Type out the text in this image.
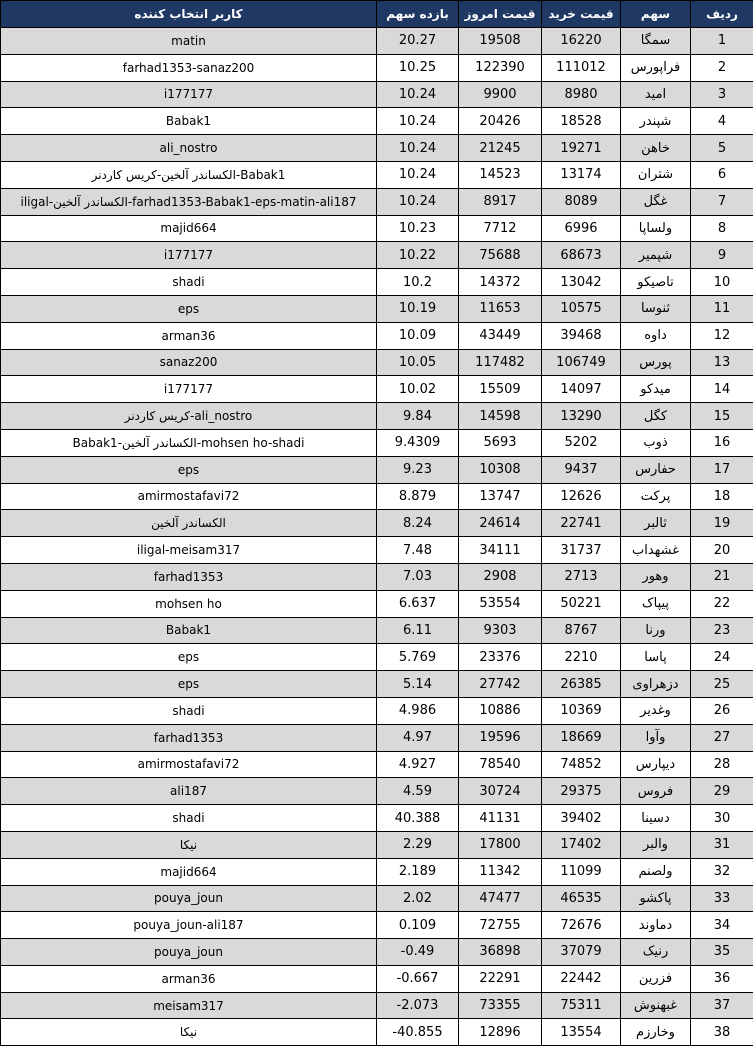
کاربر انتخاب کننده	بازده سهم	قیمت امروز	قیمت خرید	سهم	ردیف
matin	20.27	19508	16220	سمگا	1
farhad1353-sanaz200	10.25	122390	111012	فراپورس	2
i177177	10.24	9900	8980	امید	3
Babak1	10.24	20426	18528	شپندر	4
ali_nostro	10.24	21245	19271	خاهن	5
الکساندر آلخین-کریس کاردنر-Babak1	10.24	14523	13174	شتران	6
iligal-الکساندر آلخین-farhad1353-Babak1-eps-matin-ali187	10.24	8917	8089	غگل	7
majid664	10.23	7712	6996	ولساپا	8
i177177	10.22	75688	68673	شپمیر	9
shadi	10.2	14372	13042	تاصیکو	10
eps	10.19	11653	10575	ثنوسا	11
arman36	10.09	43449	39468	داوه	12
sanaz200	10.05	117482	106749	پورس	13
i177177	10.02	15509	14097	میدکو	14
کریس کاردنر-ali_nostro	9.84	14598	13290	کگل	15
Babak1-الکساندر آلخین-mohsen ho-shadi	9.4309	5693	5202	ذوب	16
eps	9.23	10308	9437	حفارس	17
amirmostafavi72	8.879	13747	12626	پرکت	18
الکساندر آلخین	8.24	24614	22741	ثالبر	19
iligal-meisam317	7.48	34111	31737	غشهداب	20
farhad1353	7.03	2908	2713	وهور	21
mohsen ho	6.637	53554	50221	پیپاک	22
Babak1	6.11	9303	8767	ورنا	23
eps	5.769	23376	2210	پاسا	24
eps	5.14	27742	26385	دزهراوی	25
shadi	4.986	10886	10369	وغدیر	26
farhad1353	4.97	19596	18669	وآوا	27
amirmostafavi72	4.927	78540	74852	دیپارس	28
ali187	4.59	30724	29375	فروس	29
shadi	40.388	41131	39402	دسینا	30
نیکا	2.29	17800	17402	والبر	31
majid664	2.189	11342	11099	ولصنم	32
pouya_joun	2.02	47477	46535	پاکشو	33
pouya_joun-ali187	0.109	72755	72676	دماوند	34
pouya_joun	-0.49	36898	37079	رنیک	35
arman36	-0.667	22291	22442	فزرین	36
meisam317	-2.073	73355	75311	غبهنوش	37
نیکا	-40.855	12896	13554	وخارزم	38
